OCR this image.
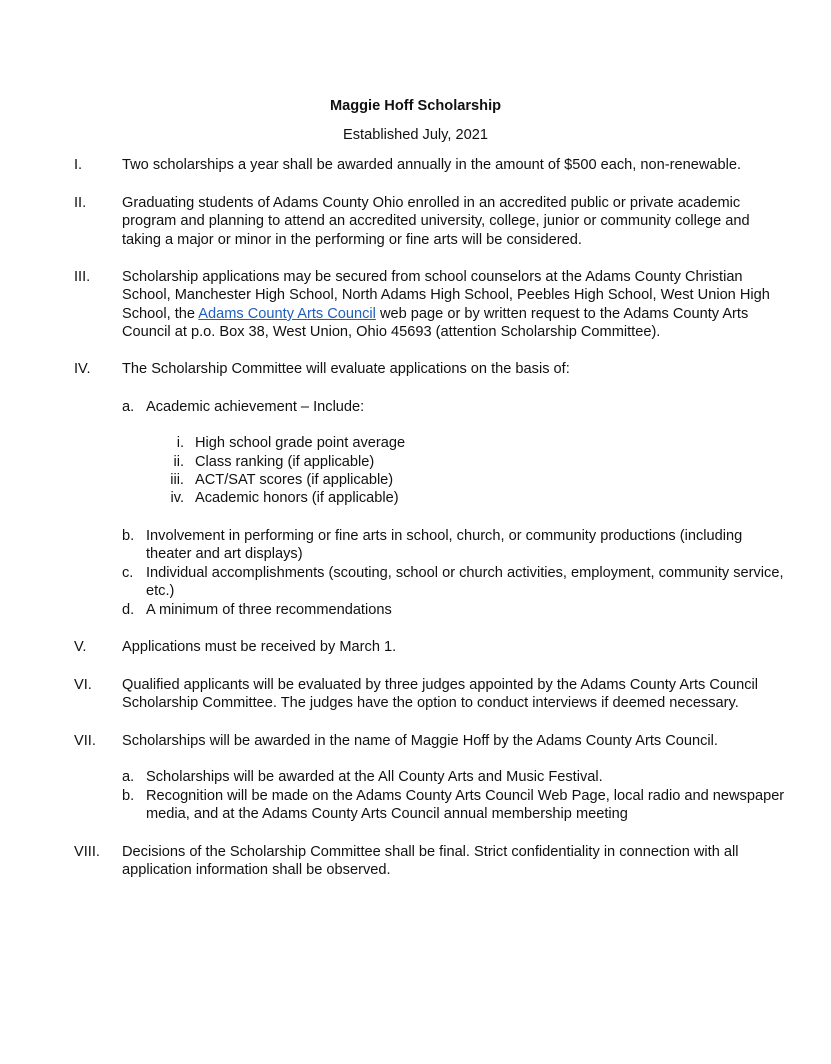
Maggie Hoff Scholarship
Established July, 2021
I.	Two scholarships a year shall be awarded annually in the amount of $500 each, non-renewable.
II. Graduating students of Adams County Ohio enrolled in an accredited public or private academic program and planning to attend an accredited university, college, junior or community college and taking a major or minor in the performing or fine arts will be considered.
III. Scholarship applications may be secured from school counselors at the Adams County Christian School, Manchester High School, North Adams High School, Peebles High School, West Union High School, the Adams County Arts Council web page or by written request to the Adams County Arts Council at p.o. Box 38, West Union, Ohio 45693 (attention Scholarship Committee).
IV. The Scholarship Committee will evaluate applications on the basis of:
a. Academic achievement – Include:
i. High school grade point average
ii. Class ranking (if applicable)
iii. ACT/SAT scores (if applicable)
iv. Academic honors (if applicable)
b. Involvement in performing or fine arts in school, church, or community productions (including theater and art displays)
c. Individual accomplishments (scouting, school or church activities, employment, community service, etc.)
d. A minimum of three recommendations
V. Applications must be received by March 1.
VI. Qualified applicants will be evaluated by three judges appointed by the Adams County Arts Council Scholarship Committee. The judges have the option to conduct interviews if deemed necessary.
VII. Scholarships will be awarded in the name of Maggie Hoff by the Adams County Arts Council.
a. Scholarships will be awarded at the All County Arts and Music Festival.
b. Recognition will be made on the Adams County Arts Council Web Page, local radio and newspaper media, and at the Adams County Arts Council annual membership meeting
VIII. Decisions of the Scholarship Committee shall be final. Strict confidentiality in connection with all application information shall be observed.
